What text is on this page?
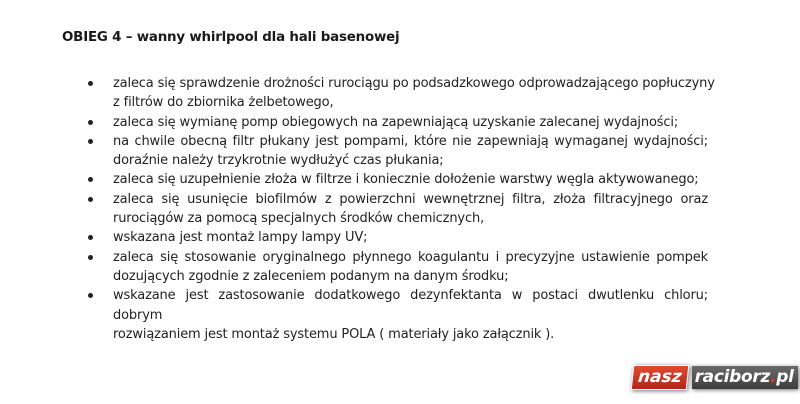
OBIEG 4 – wanny whirlpool dla hali basenowej
zaleca się sprawdzenie drożności rurociągu po podsadzkowego odprowadzającego popłuczyny
z filtrów do zbiornika żelbetowego,
zaleca się wymianę pomp obiegowych na zapewniającą uzyskanie zalecanej wydajności;
na chwile obecną filtr płukany jest pompami, które nie zapewniają wymaganej wydajności;
doraźnie należy trzykrotnie wydłużyć czas płukania;
zaleca się uzupełnienie złoża w filtrze i koniecznie dołożenie warstwy węgla aktywowanego;
zaleca się usunięcie biofilmów z powierzchni wewnętrznej filtra, złoża filtracyjnego oraz
rurociągów za pomocą specjalnych środków chemicznych,
wskazana jest montaż lampy lampy UV;
zaleca się stosowanie oryginalnego płynnego koagulantu i precyzyjne ustawienie pompek
dozujących zgodnie z zaleceniem podanym na danym środku;
wskazane jest zastosowanie dodatkowego dezynfektanta w postaci dwutlenku chloru; dobrym
rozwiązaniem jest montaż systemu POLA ( materiały jako załącznik ).
nasz raciborz.pl
